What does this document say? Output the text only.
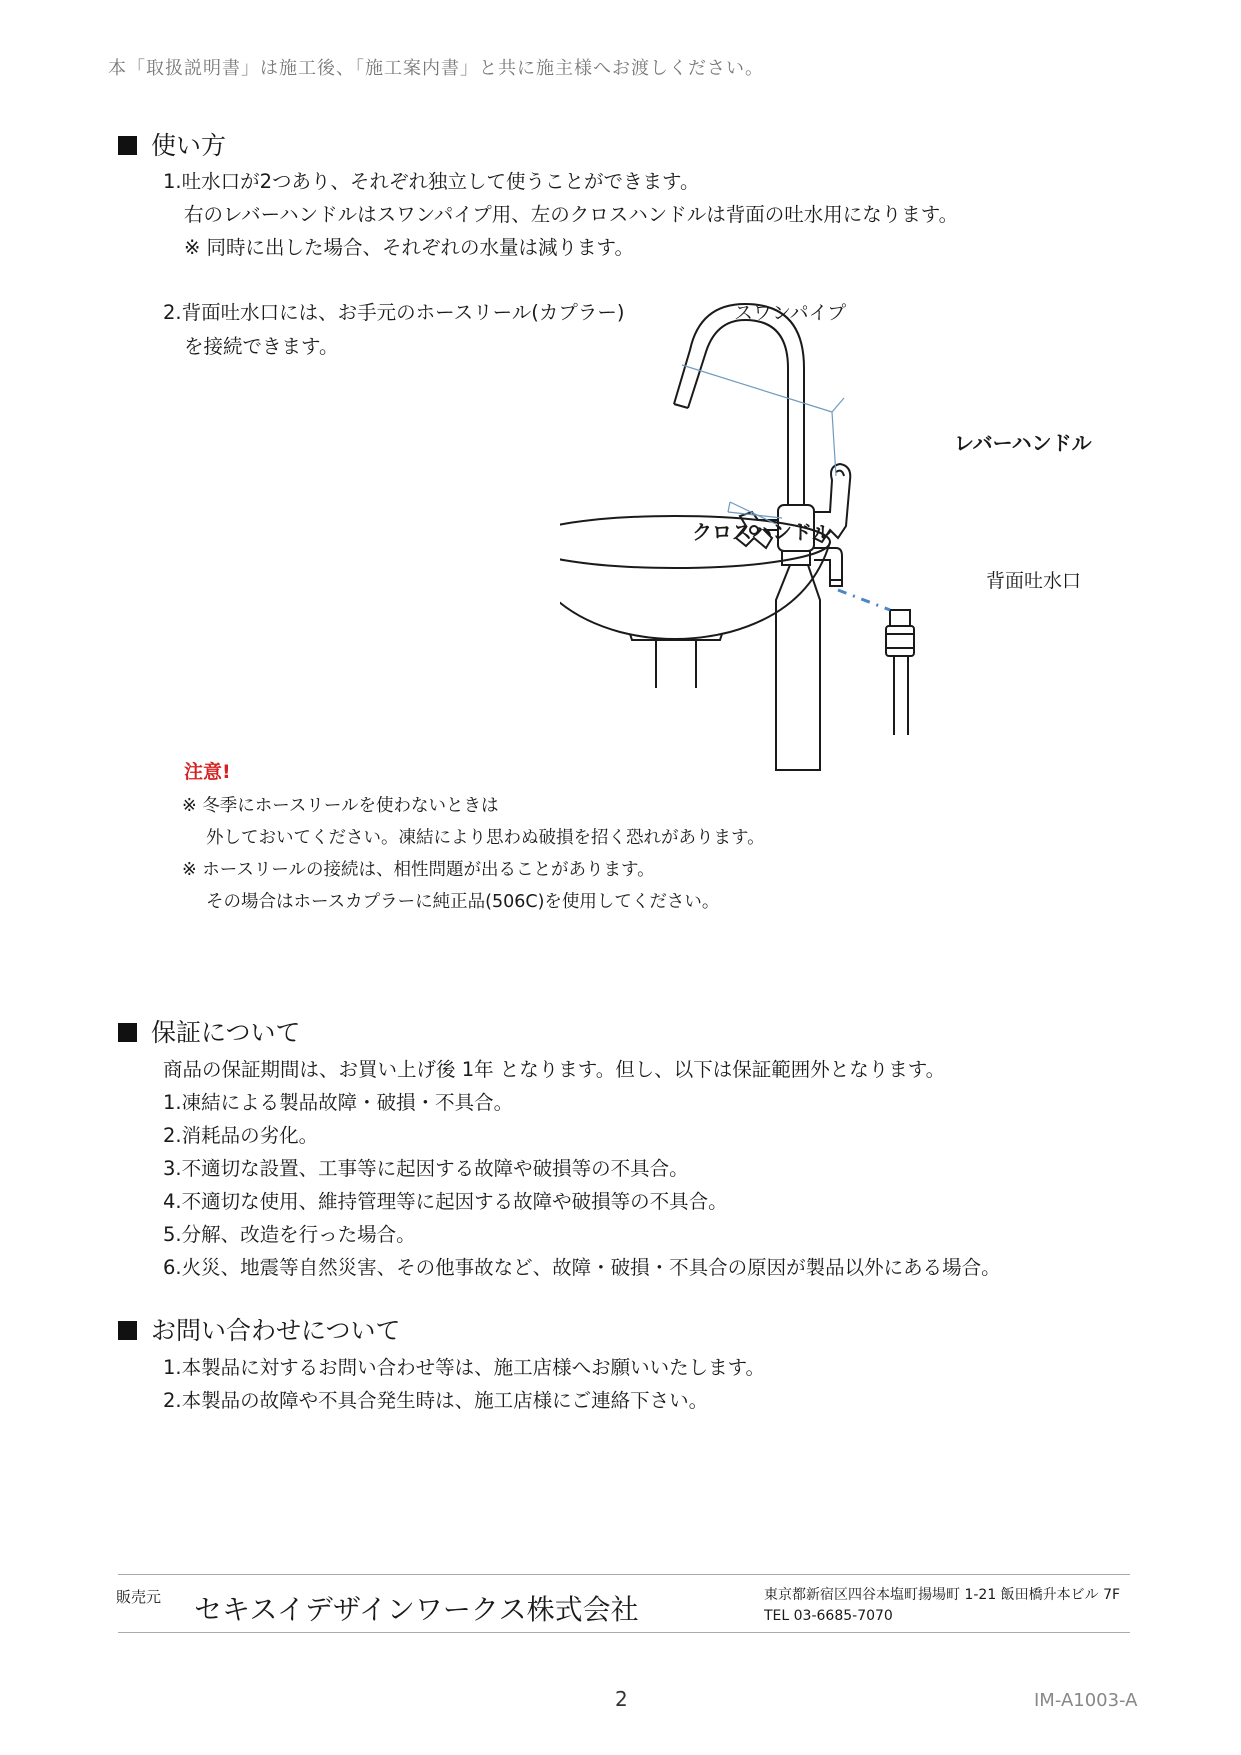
本「取扱説明書」は施工後、「施工案内書」と共に施主様へお渡しください。
使い方
1.吐水口が2つあり、それぞれ独立して使うことができます。
右のレバーハンドルはスワンパイプ用、左のクロスハンドルは背面の吐水用になります。
※ 同時に出した場合、それぞれの水量は減ります。
2.背面吐水口には、お手元のホースリール(カプラー)
を接続できます。
スワンパイプ
レバーハンドル
クロスハンドル
背面吐水口
注意!
※ 冬季にホースリールを使わないときは
外しておいてください。凍結により思わぬ破損を招く恐れがあります。
※ ホースリールの接続は、相性問題が出ることがあります。
その場合はホースカプラーに純正品(506C)を使用してください。
保証について
商品の保証期間は、お買い上げ後 1年 となります。但し、以下は保証範囲外となります。
1.凍結による製品故障・破損・不具合。
2.消耗品の劣化。
3.不適切な設置、工事等に起因する故障や破損等の不具合。
4.不適切な使用、維持管理等に起因する故障や破損等の不具合。
5.分解、改造を行った場合。
6.火災、地震等自然災害、その他事故など、故障・破損・不具合の原因が製品以外にある場合。
お問い合わせについて
1.本製品に対するお問い合わせ等は、施工店様へお願いいたします。
2.本製品の故障や不具合発生時は、施工店様にご連絡下さい。
販売元 セキスイデザインワークス株式会社	東京都新宿区四谷本塩町揚場町 1-21 飯田橋升本ビル 7F
TEL 03-6685-7070
2	IM-A1003-A
